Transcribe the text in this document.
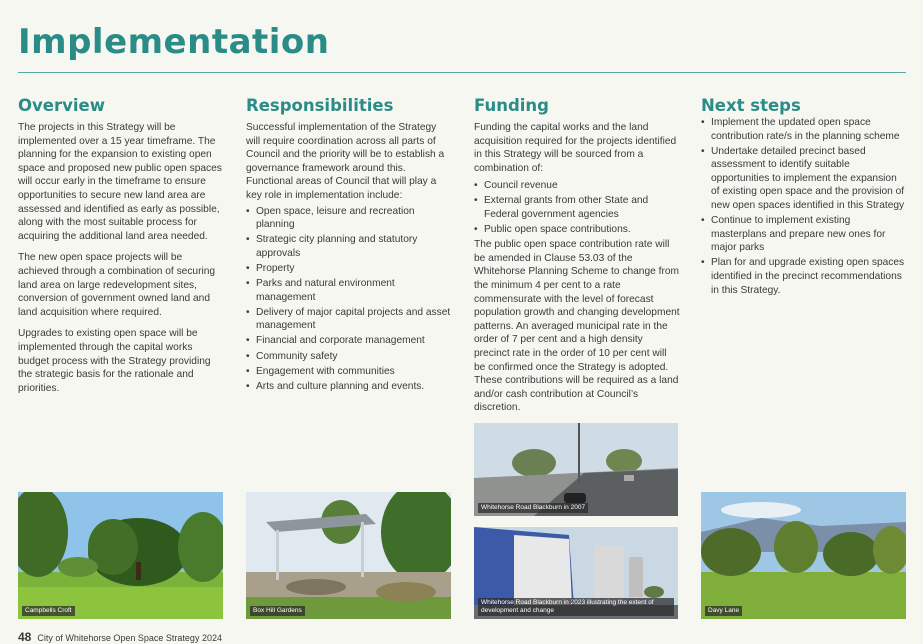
Implementation
Overview

The projects in this Strategy will be implemented over a 15 year timeframe. The planning for the expansion to existing open space and proposed new public open spaces will occur early in the timeframe to ensure opportunities to secure new land area are assessed and identified as early as possible, along with the most suitable process for acquiring the additional land area needed.

The new open space projects will be achieved through a combination of securing land area on large redevelopment sites, conversion of government owned land and land acquisition where required.

Upgrades to existing open space will be implemented through the capital works budget process with the Strategy providing the strategic basis for the rationale and priorities.

Responsibilities

Successful implementation of the Strategy will require coordination across all parts of Council and the priority will be to establish a governance framework around this. Functional areas of Council that will play a key role in implementation include:

• Open space, leisure and recreation planning
• Strategic city planning and statutory approvals
• Property
• Parks and natural environment management
• Delivery of major capital projects and asset management
• Financial and corporate management
• Community safety
• Engagement with communities
• Arts and culture planning and events.
Funding

Funding the capital works and the land acquisition required for the projects identified in this Strategy will be sourced from a combination of:

• Council revenue
• External grants from other State and Federal government agencies
• Public open space contributions.

The public open space contribution rate will be amended in Clause 53.03 of the Whitehorse Planning Scheme to change from the minimum 4 per cent to a rate commensurate with the level of forecast population growth and changing development patterns. An averaged municipal rate in the order of 7 per cent and a high density precinct rate in the order of 10 per cent will be confirmed once the Strategy is adopted. These contributions will be required as a land and/or cash contribution at Council’s discretion.

Next steps
• Implement the updated open space contribution rate/s in the planning scheme
• Undertake detailed precinct based assessment to identify suitable opportunities to implement the expansion of existing open space and the provision of new open spaces identified in this Strategy
• Continue to implement existing masterplans and prepare new ones for major parks
• Plan for and upgrade existing open spaces identified in the precinct recommendations in this Strategy.
Campbells Croft	Box Hill Gardens
Whitehorse Road Blackburn in 2007
Whitehorse Road Blackburn in 2023 illustrating the extent of development and change	Davy Lane
48 City of Whitehorse Open Space Strategy 2024
